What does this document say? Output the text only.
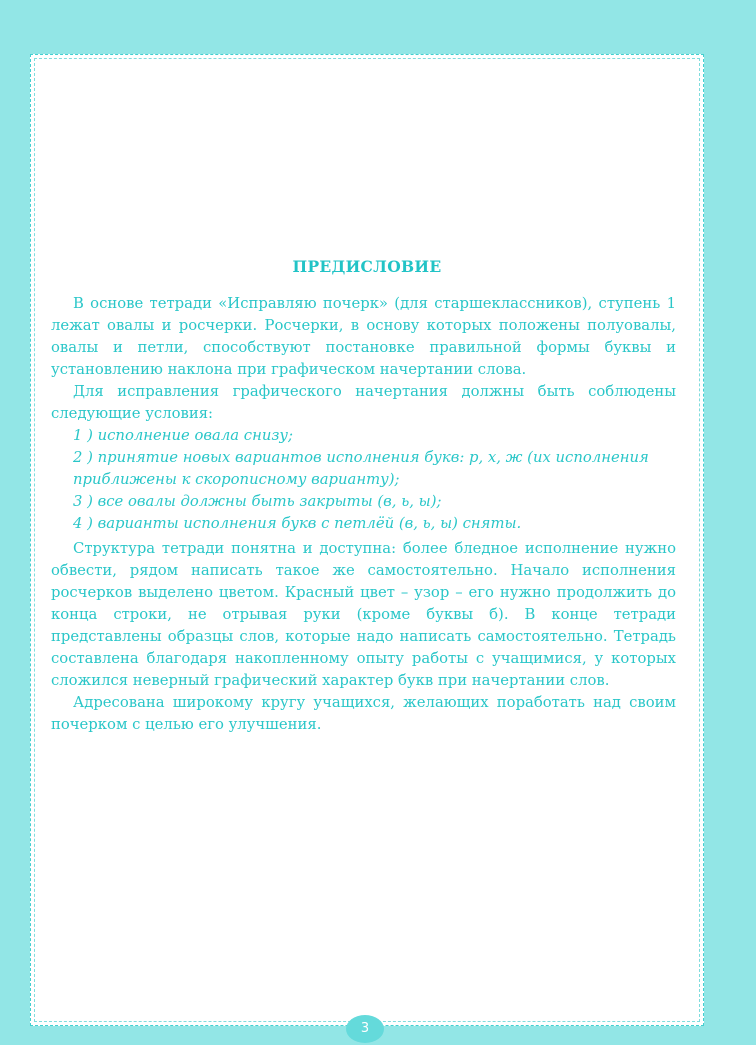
ПРЕДИСЛОВИЕ

В основе тетради «Исправляю почерк» (для старшеклассников), ступень 1 лежат овалы и росчерки. Росчерки, в основу которых положены полуовалы, овалы и петли, способствуют постановке правильной формы буквы и установлению наклона при графическом начертании слова.

Для исправления графического начертания должны быть соблюдены следующие условия:

1 ) исполнение овала снизу;

2 ) принятие новых вариантов исполнения букв: р, х, ж (их исполнения приближены к скорописному варианту);

3 ) все овалы должны быть закрыты (в, ь, ы);

4 ) варианты исполнения букв с петлёй (в, ь, ы) сняты.

Структура тетради понятна и доступна: более бледное исполнение нужно обвести, рядом написать такое же самостоятельно. Начало исполнения росчерков выделено цветом. Красный цвет – узор – его нужно продолжить до конца строки, не отрывая руки (кроме буквы б). В конце тетради представлены образцы слов, которые надо написать самостоятельно. Тетрадь составлена благодаря накопленному опыту работы с учащимися, у которых сложился неверный графический характер букв при начертании слов.

Адресована широкому кругу учащихся, желающих поработать над своим почерком с целью его улучшения.

3
